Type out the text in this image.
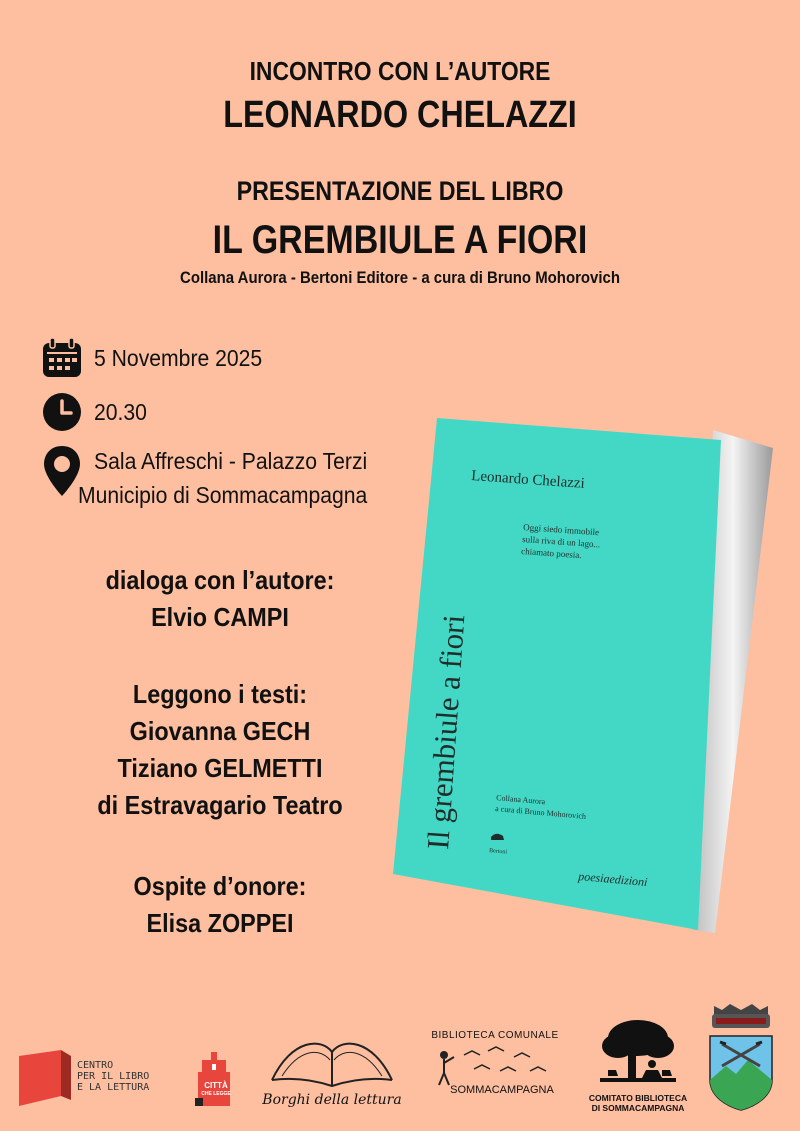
INCONTRO CON L’AUTORE
LEONARDO CHELAZZI
PRESENTAZIONE DEL LIBRO
IL GREMBIULE A FIORI
Collana Aurora - Bertoni Editore - a cura di Bruno Mohorovich
5 Novembre 2025
20.30
Sala Affreschi - Palazzo Terzi
Municipio di Sommacampagna
dialoga con l’autore:
Elvio CAMPI
Leggono i testi:
Giovanna GECH
Tiziano GELMETTI
di Estravagario Teatro
Ospite d’onore:
Elisa ZOPPEI
Leonardo Chelazzi
Oggi siedo immobile
sulla riva di un lago...
chiamato poesia.
Il grembiule a fiori	Collana Aurora
a cura di Bruno Mohorovich
Bertoni
poesiaedizioni
CENTRO
PER IL LIBRO
E LA LETTURA	CITTÀ
CHE LEGGE	Borghi della lettura
BIBLIOTECA COMUNALE
SOMMACAMPAGNA
COMITATO BIBLIOTECA
DI SOMMACAMPAGNA
